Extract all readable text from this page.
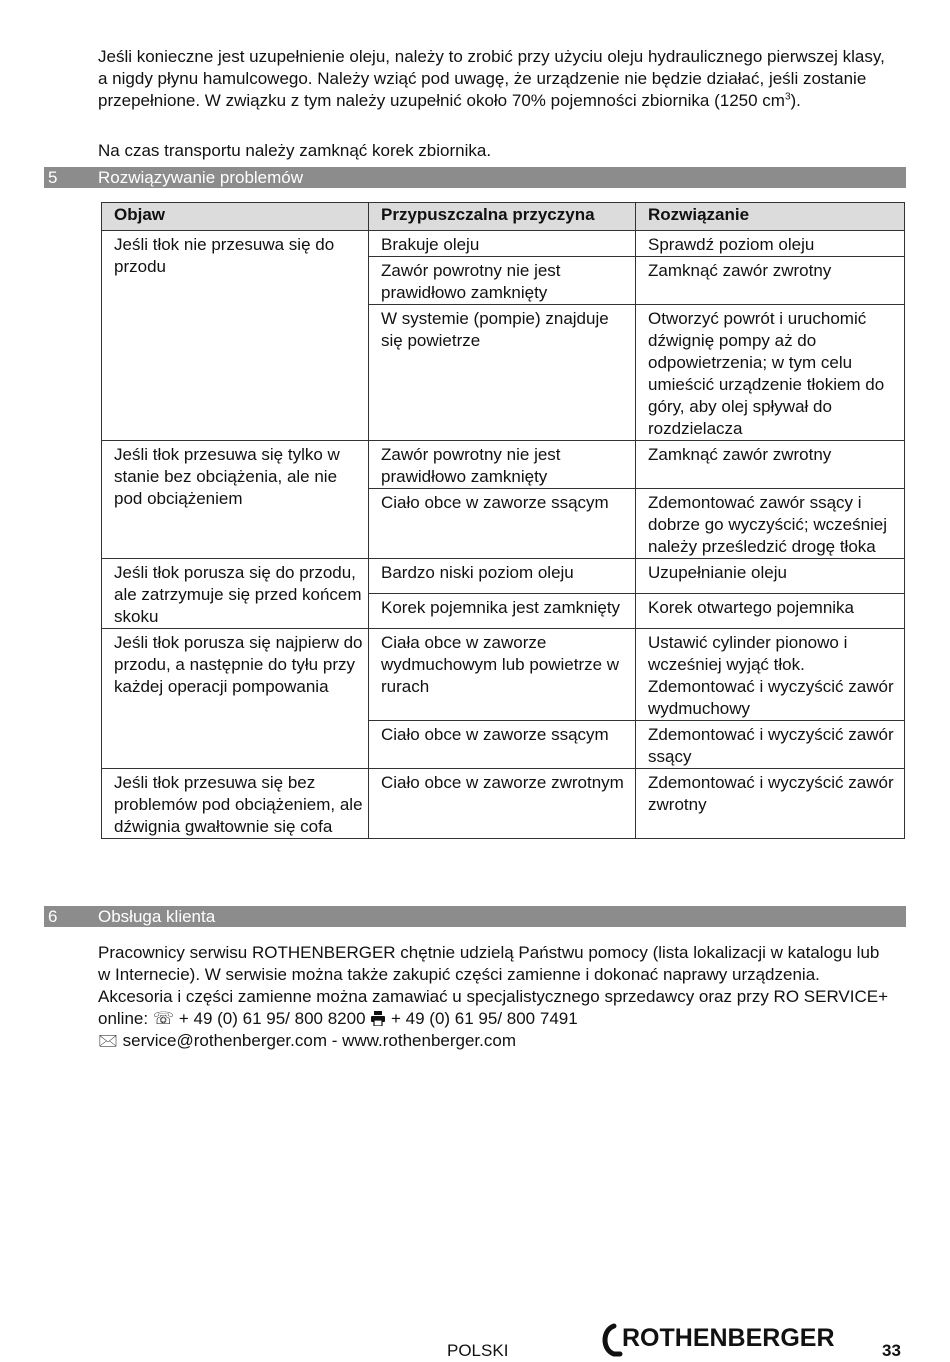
Jeśli konieczne jest uzupełnienie oleju, należy to zrobić przy użyciu oleju hydraulicznego pierwszej klasy, a nigdy płynu hamulcowego. Należy wziąć pod uwagę, że urządzenie nie będzie działać, jeśli zostanie przepełnione. W związku z tym należy uzupełnić około 70% pojemności zbiornika (1250 $cm^3$).

Na czas transportu należy zamknąć korek zbiornika.

5 Rozwiązywanie problemów
Objaw	Przypuszczalna przyczyna	Rozwiązanie
Jeśli tłok nie przesuwa się do przodu	Brakuje oleju	Sprawdź poziom oleju
	Zawór powrotny nie jest prawidłowo zamknięty	Zamknąć zawór zwrotny
	W systemie (pompie) znajduje się powietrze	Otworzyć powrót i uruchomić dźwignię pompy aż do odpowietrzenia; w tym celu umieścić urządzenie tłokiem do góry, aby olej spływał do rozdzielacza
Jeśli tłok przesuwa się tylko w stanie bez obciążenia, ale nie pod obciążeniem	Zawór powrotny nie jest prawidłowo zamknięty	Zamknąć zawór zwrotny
	Ciało obce w zaworze ssącym	Zdemontować zawór ssący i dobrze go wyczyścić; wcześniej należy prześledzić drogę tłoka
Jeśli tłok porusza się do przodu, ale zatrzymuje się przed końcem skoku	Bardzo niski poziom oleju	Uzupełnianie oleju
	Korek pojemnika jest zamknięty	Korek otwartego pojemnika
Jeśli tłok porusza się najpierw do przodu, a następnie do tyłu przy każdej operacji pompowania	Ciała obce w zaworze wydmuchowym lub powietrze w rurach	Ustawić cylinder pionowo i wcześniej wyjąć tłok. Zdemontować i wyczyścić zawór wydmuchowy
	Ciało obce w zaworze ssącym	Zdemontować i wyczyścić zawór ssący
Jeśli tłok przesuwa się bez problemów pod obciążeniem, ale dźwignia gwałtownie się cofa	Ciało obce w zaworze zwrotnym	Zdemontować i wyczyścić zawór zwrotny
6 Obsługa klienta

Pracownicy serwisu ROTHENBERGER chętnie udzielą Państwu pomocy (lista lokalizacji w katalogu lub w Internecie). W serwisie można także zakupić części zamienne i dokonać naprawy urządzenia. Akcesoria i części zamienne można zamawiać u specjalistycznego sprzedawcy oraz przy RO SERVICE+ online: ☏ + 49 (0) 61 95/ 800 8200 + 49 (0) 61 95/ 800 7491
🖂 service@rothenberger.com - www.rothenberger.com

POLSKI	ROTHENBERGER	33
